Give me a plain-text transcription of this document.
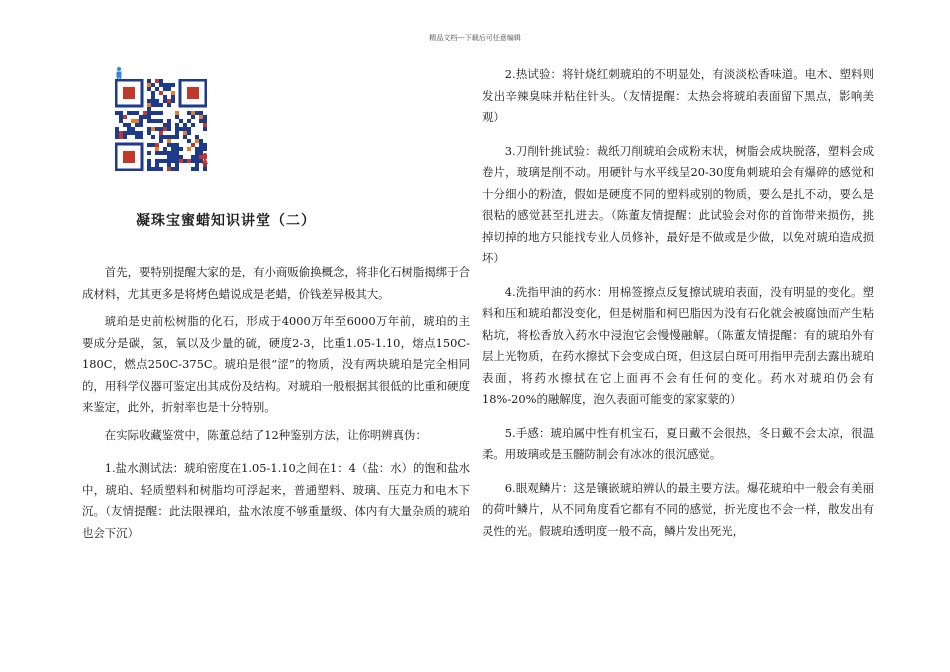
精品文档---下载后可任意编辑
凝珠宝蜜蜡知识讲堂（二）

首先，要特别提醒大家的是，有小商贩偷换概念，将非化石树脂揭绑于合成材料，尤其更多是将烤色蜡说成是老蜡，价钱差异极其大。

琥珀是史前松树脂的化石，形成于4000万年至6000万年前，琥珀的主要成分是碳，氢，氧以及少量的硫，硬度2-3，比重1.05-1.10，熔点150C-180C，燃点250C-375C。琥珀是很“涩”的物质，没有两块琥珀是完全相同的，用科学仪器可鉴定出其成份及结构。对琥珀一般根据其很低的比重和硬度来鉴定，此外，折射率也是十分特别。

在实际收藏鉴赏中，陈董总结了12种鉴别方法，让你明辨真伪：

1.盐水测试法：琥珀密度在1.05-1.10之间在1：4（盐：水）的饱和盐水中，琥珀、轻质塑料和树脂均可浮起来，普通塑料、玻璃、压克力和电木下沉。（友情提醒：此法限裸珀，盐水浓度不够重量级、体内有大量杂质的琥珀也会下沉）

2.热试验：将针烧红刺琥珀的不明显处，有淡淡松香味道。电木、塑料则发出辛辣臭味并粘住针头。（友情提醒：太热会将琥珀表面留下黑点，影响美观）

3.刀削针挑试验：裁纸刀削琥珀会成粉末状，树脂会成块脱落，塑料会成卷片，玻璃是削不动。用硬针与水平线呈20-30度角刺琥珀会有爆碎的感觉和十分细小的粉渣，假如是硬度不同的塑料或别的物质，要么是扎不动，要么是很粘的感觉甚至扎进去。（陈董友情提醒：此试验会对你的首饰带来损伤，挑掉切掉的地方只能找专业人员修补，最好是不做或是少做，以免对琥珀造成损坏）

4.洗指甲油的药水：用棉签擦点反复擦试琥珀表面，没有明显的变化。塑料和压和琥珀都没变化，但是树脂和柯巴脂因为没有石化就会被腐蚀而产生粘粘坑，将松香放入药水中浸泡它会慢慢融解。（陈董友情提醒：有的琥珀外有层上光物质，在药水擦拭下会变成白斑，但这层白斑可用指甲壳刮去露出琥珀表面，将药水擦拭在它上面再不会有任何的变化。药水对琥珀仍会有18%-20%的融解度，泡久表面可能变的家家蒙的）

5.手感：琥珀属中性有机宝石，夏日戴不会很热，冬日戴不会太凉，很温柔。用玻璃或是玉髓防制会有冰冰的很沉感觉。

6.眼观鳞片：这是镶嵌琥珀辨认的最主要方法。爆花琥珀中一般会有美丽的荷叶鳞片，从不同角度看它都有不同的感觉，折光度也不会一样，散发出有灵性的光。假琥珀透明度一般不高，鳞片发出死光，
